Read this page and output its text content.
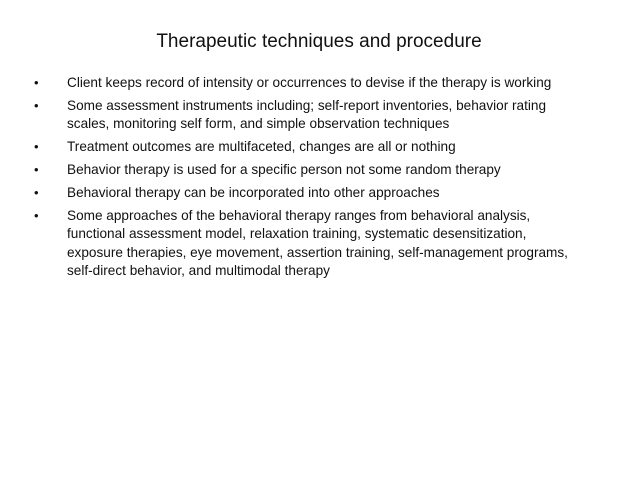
Therapeutic techniques and procedure
• Client keeps record of intensity or occurrences to devise if the therapy is working
• Some assessment instruments including; self-report inventories, behavior rating scales, monitoring self form, and simple observation techniques
• Treatment outcomes are multifaceted, changes are all or nothing
• Behavior therapy is used for a specific person not some random therapy
• Behavioral therapy can be incorporated into other approaches
• Some approaches of the behavioral therapy ranges from behavioral analysis, functional assessment model, relaxation training, systematic desensitization, exposure therapies, eye movement, assertion training, self-management programs, self-direct behavior, and multimodal therapy
